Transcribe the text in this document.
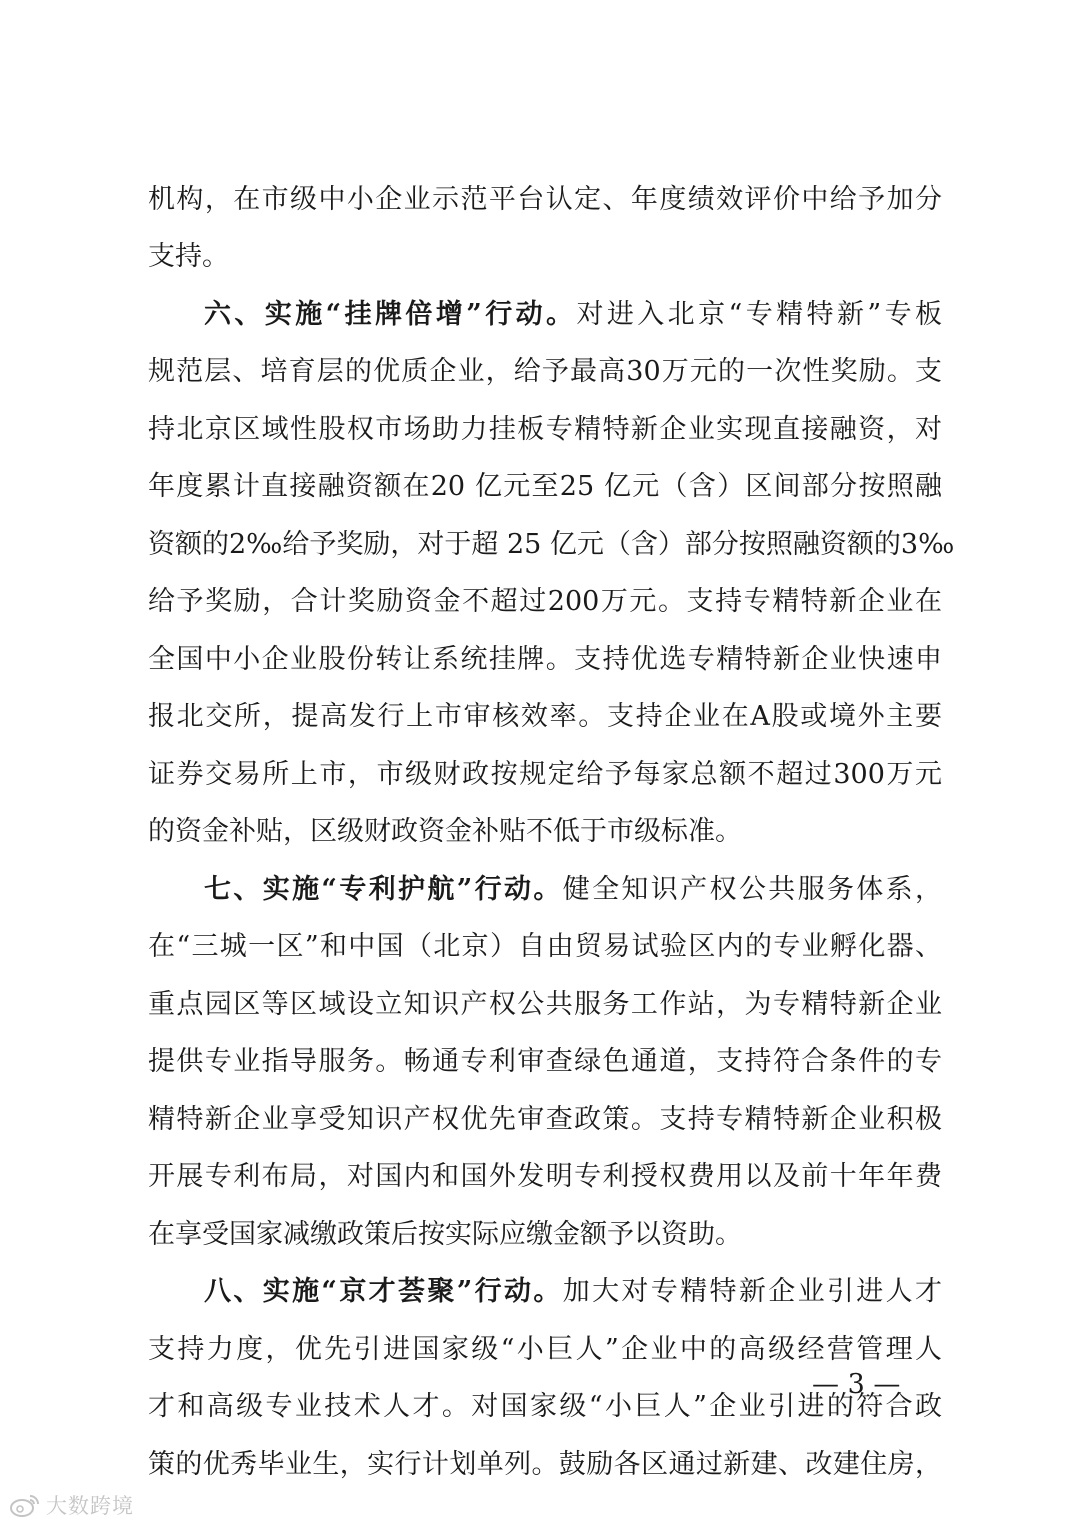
机构，在市级中小企业示范平台认定、年度绩效评价中给予加分
支持。
六、实施“挂牌倍增”行动。对进入北京“专精特新”专板
规范层、培育层的优质企业，给予最高30万元的一次性奖励。支
持北京区域性股权市场助力挂板专精特新企业实现直接融资，对
年度累计直接融资额在20 亿元至25 亿元（含）区间部分按照融
资额的2‰给予奖励，对于超 25 亿元（含）部分按照融资额的3‰
给予奖励，合计奖励资金不超过200万元。支持专精特新企业在
全国中小企业股份转让系统挂牌。支持优选专精特新企业快速申
报北交所，提高发行上市审核效率。支持企业在A股或境外主要
证券交易所上市，市级财政按规定给予每家总额不超过300万元
的资金补贴，区级财政资金补贴不低于市级标准。
七、实施“专利护航”行动。健全知识产权公共服务体系，
在“三城一区”和中国（北京）自由贸易试验区内的专业孵化器、
重点园区等区域设立知识产权公共服务工作站，为专精特新企业
提供专业指导服务。畅通专利审查绿色通道，支持符合条件的专
精特新企业享受知识产权优先审查政策。支持专精特新企业积极
开展专利布局，对国内和国外发明专利授权费用以及前十年年费
在享受国家减缴政策后按实际应缴金额予以资助。
八、实施“京才荟聚”行动。加大对专精特新企业引进人才
支持力度，优先引进国家级“小巨人”企业中的高级经营管理人
才和高级专业技术人才。对国家级“小巨人”企业引进的符合政
策的优秀毕业生，实行计划单列。鼓励各区通过新建、改建住房，
— 3 —
大数跨境
